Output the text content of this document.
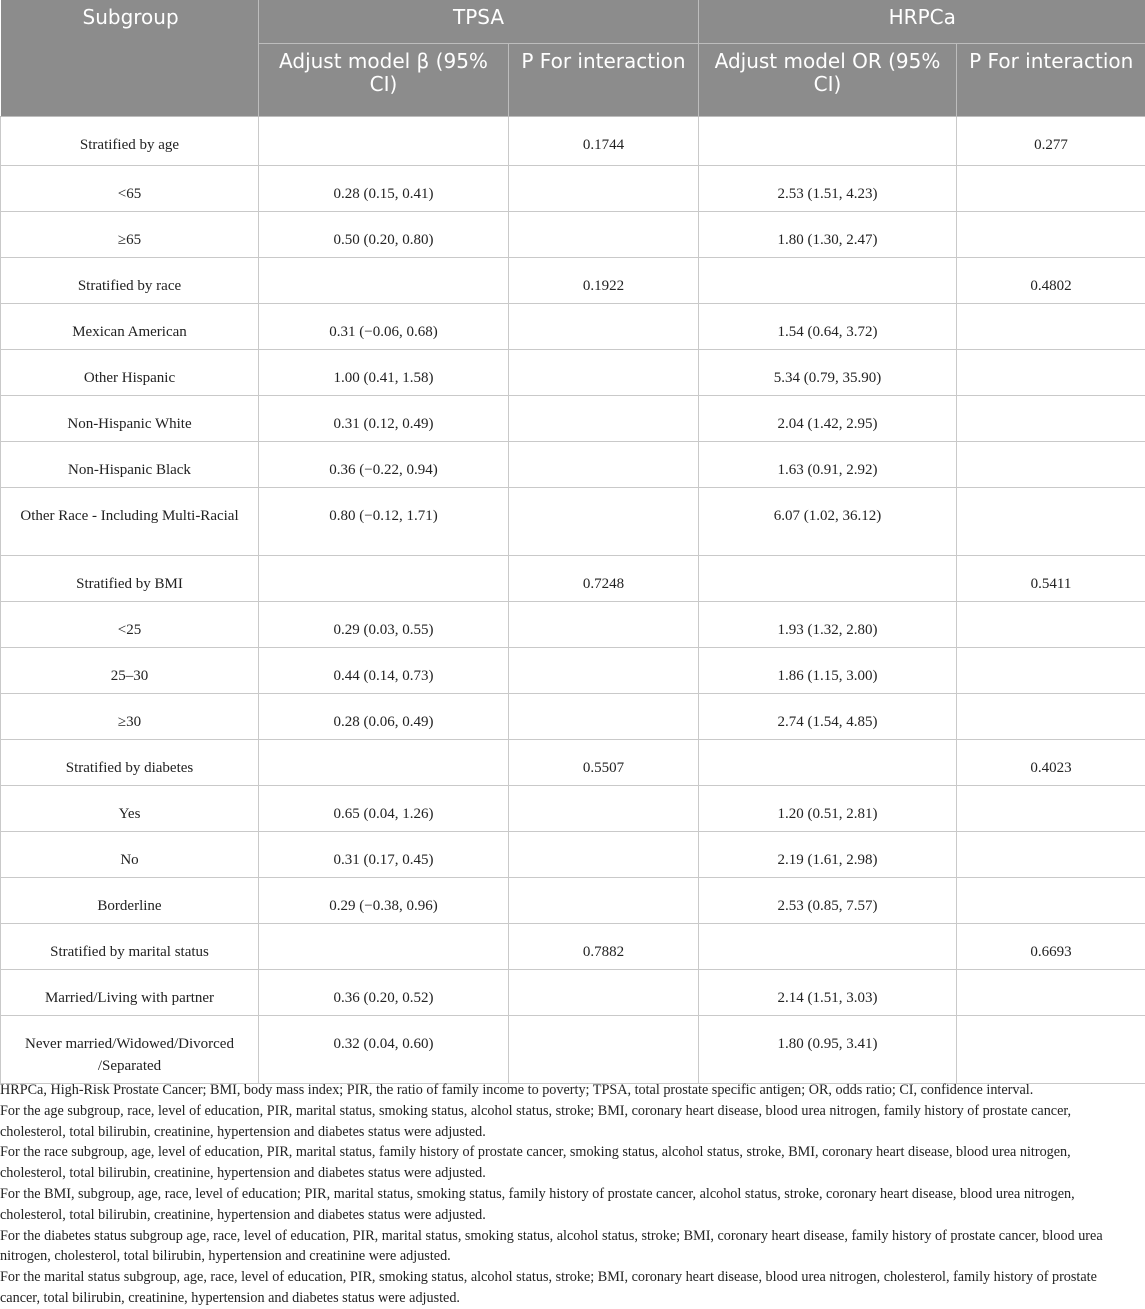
Subgroup	TPSA		HRPCa	
	Adjust model β (95% CI)	P For interaction	Adjust model OR (95% CI)	P For interaction
Stratified by age		0.1744		0.277
<65	0.28 (0.15, 0.41)		2.53 (1.51, 4.23)	
≥65	0.50 (0.20, 0.80)		1.80 (1.30, 2.47)	
Stratified by race		0.1922		0.4802
Mexican American	0.31 (−0.06, 0.68)		1.54 (0.64, 3.72)	
Other Hispanic	1.00 (0.41, 1.58)		5.34 (0.79, 35.90)	
Non-Hispanic White	0.31 (0.12, 0.49)		2.04 (1.42, 2.95)	
Non-Hispanic Black	0.36 (−0.22, 0.94)		1.63 (0.91, 2.92)	
Other Race - Including Multi-Racial	0.80 (−0.12, 1.71)		6.07 (1.02, 36.12)	
Stratified by BMI		0.7248		0.5411
<25	0.29 (0.03, 0.55)		1.93 (1.32, 2.80)	
25–30	0.44 (0.14, 0.73)		1.86 (1.15, 3.00)	
≥30	0.28 (0.06, 0.49)		2.74 (1.54, 4.85)	
Stratified by diabetes		0.5507		0.4023
Yes	0.65 (0.04, 1.26)		1.20 (0.51, 2.81)	
No	0.31 (0.17, 0.45)		2.19 (1.61, 2.98)	
Borderline	0.29 (−0.38, 0.96)		2.53 (0.85, 7.57)	
Stratified by marital status		0.7882		0.6693
Married/Living with partner	0.36 (0.20, 0.52)		2.14 (1.51, 3.03)	
Never married/Widowed/Divorced /Separated	0.32 (0.04, 0.60)		1.80 (0.95, 3.41)	

HRPCa, High-Risk Prostate Cancer; BMI, body mass index; PIR, the ratio of family income to poverty; TPSA, total prostate specific antigen; OR, odds ratio; CI, confidence interval.

For the age subgroup, race, level of education, PIR, marital status, smoking status, alcohol status, stroke; BMI, coronary heart disease, blood urea nitrogen, family history of prostate cancer, cholesterol, total bilirubin, creatinine, hypertension and diabetes status were adjusted.

For the race subgroup, age, level of education, PIR, marital status, family history of prostate cancer, smoking status, alcohol status, stroke, BMI, coronary heart disease, blood urea nitrogen, cholesterol, total bilirubin, creatinine, hypertension and diabetes status were adjusted.

For the BMI, subgroup, age, race, level of education; PIR, marital status, smoking status, family history of prostate cancer, alcohol status, stroke, coronary heart disease, blood urea nitrogen, cholesterol, total bilirubin, creatinine, hypertension and diabetes status were adjusted.

For the diabetes status subgroup age, race, level of education, PIR, marital status, smoking status, alcohol status, stroke; BMI, coronary heart disease, family history of prostate cancer, blood urea nitrogen, cholesterol, total bilirubin, hypertension and creatinine were adjusted.

For the marital status subgroup, age, race, level of education, PIR, smoking status, alcohol status, stroke; BMI, coronary heart disease, blood urea nitrogen, cholesterol, family history of prostate cancer, total bilirubin, creatinine, hypertension and diabetes status were adjusted.
